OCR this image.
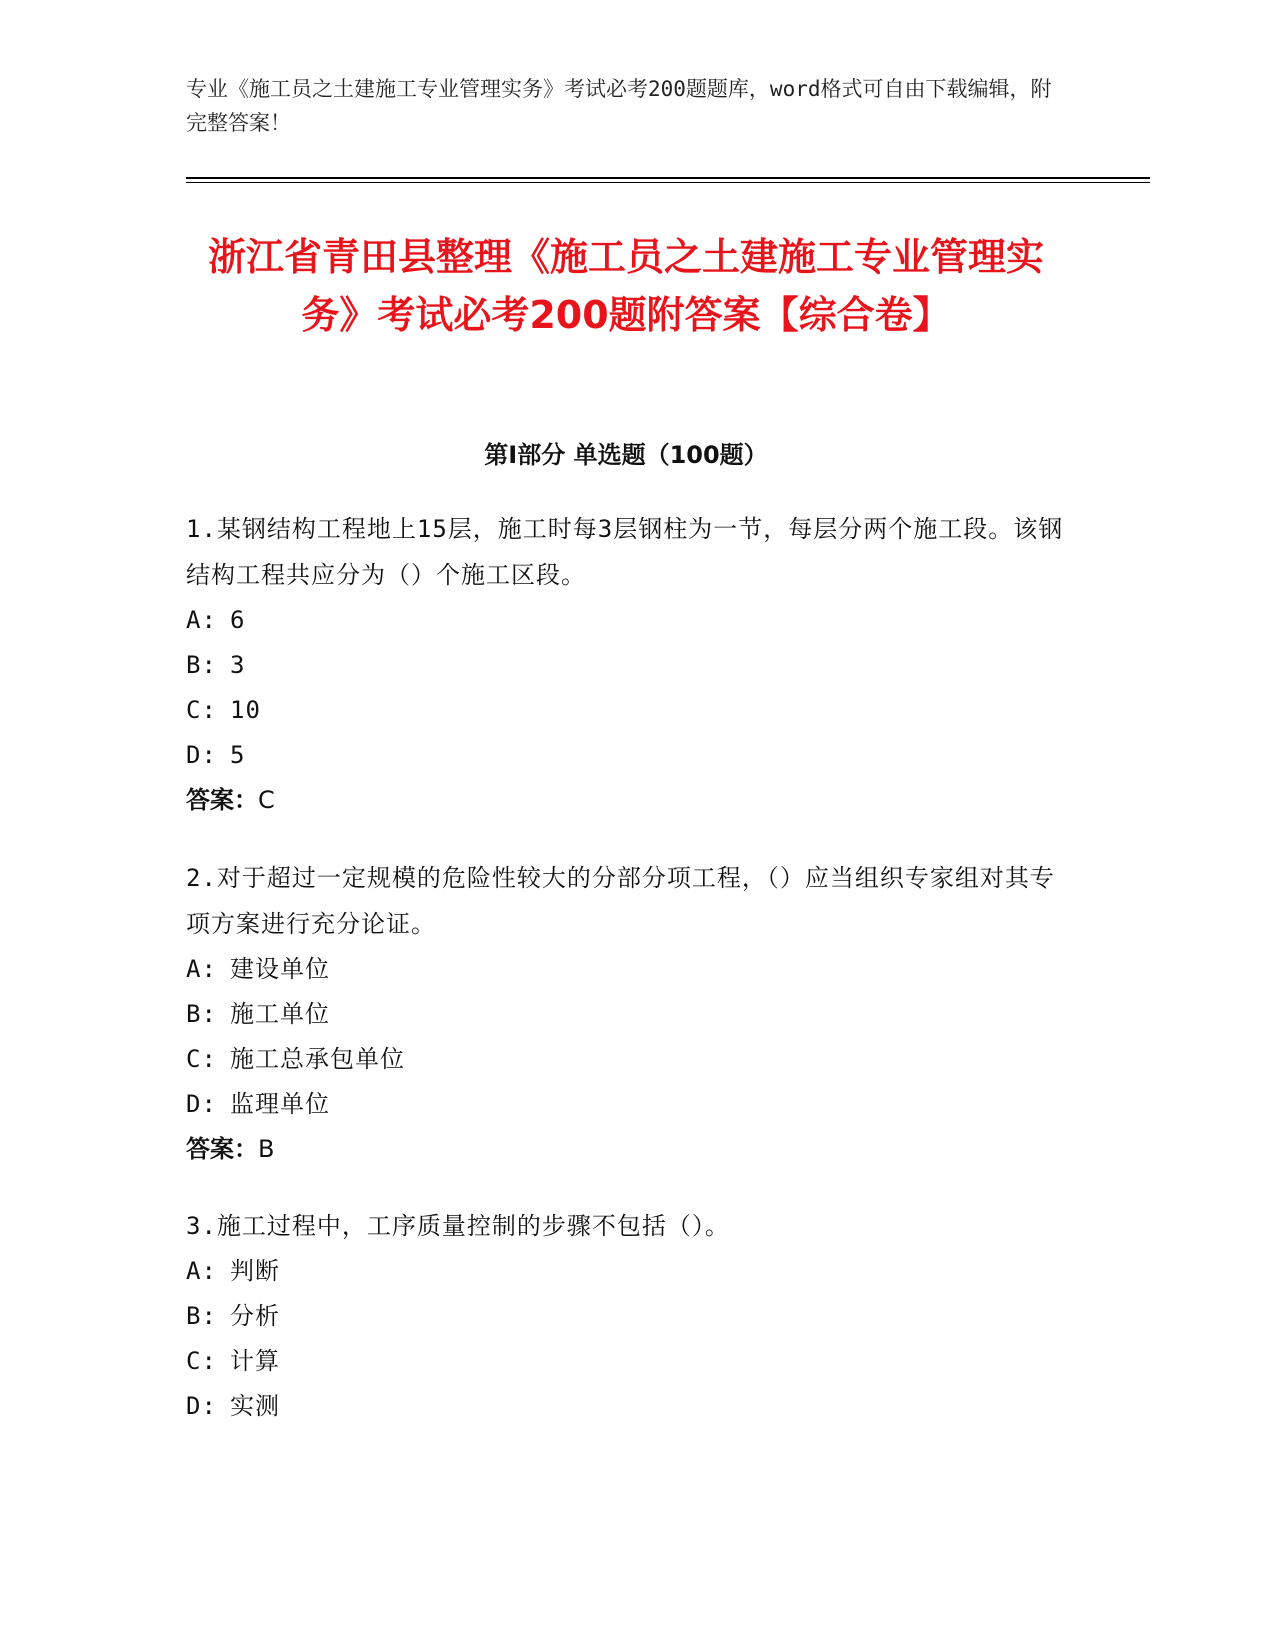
专业《施工员之土建施工专业管理实务》考试必考200题题库，word格式可自由下载编辑，附完整答案！
浙江省青田县整理《施工员之土建施工专业管理实务》考试必考200题附答案【综合卷】
第I部分 单选题（100题）
1.某钢结构工程地上15层，施工时每3层钢柱为一节，每层分两个施工段。该钢结构工程共应分为（）个施工区段。
A: 6
B: 3
C: 10
D: 5
答案：C
2.对于超过一定规模的危险性较大的分部分项工程，（）应当组织专家组对其专项方案进行充分论证。
A: 建设单位
B: 施工单位
C: 施工总承包单位
D: 监理单位
答案：B
3.施工过程中，工序质量控制的步骤不包括（）。
A: 判断
B: 分析
C: 计算
D: 实测
